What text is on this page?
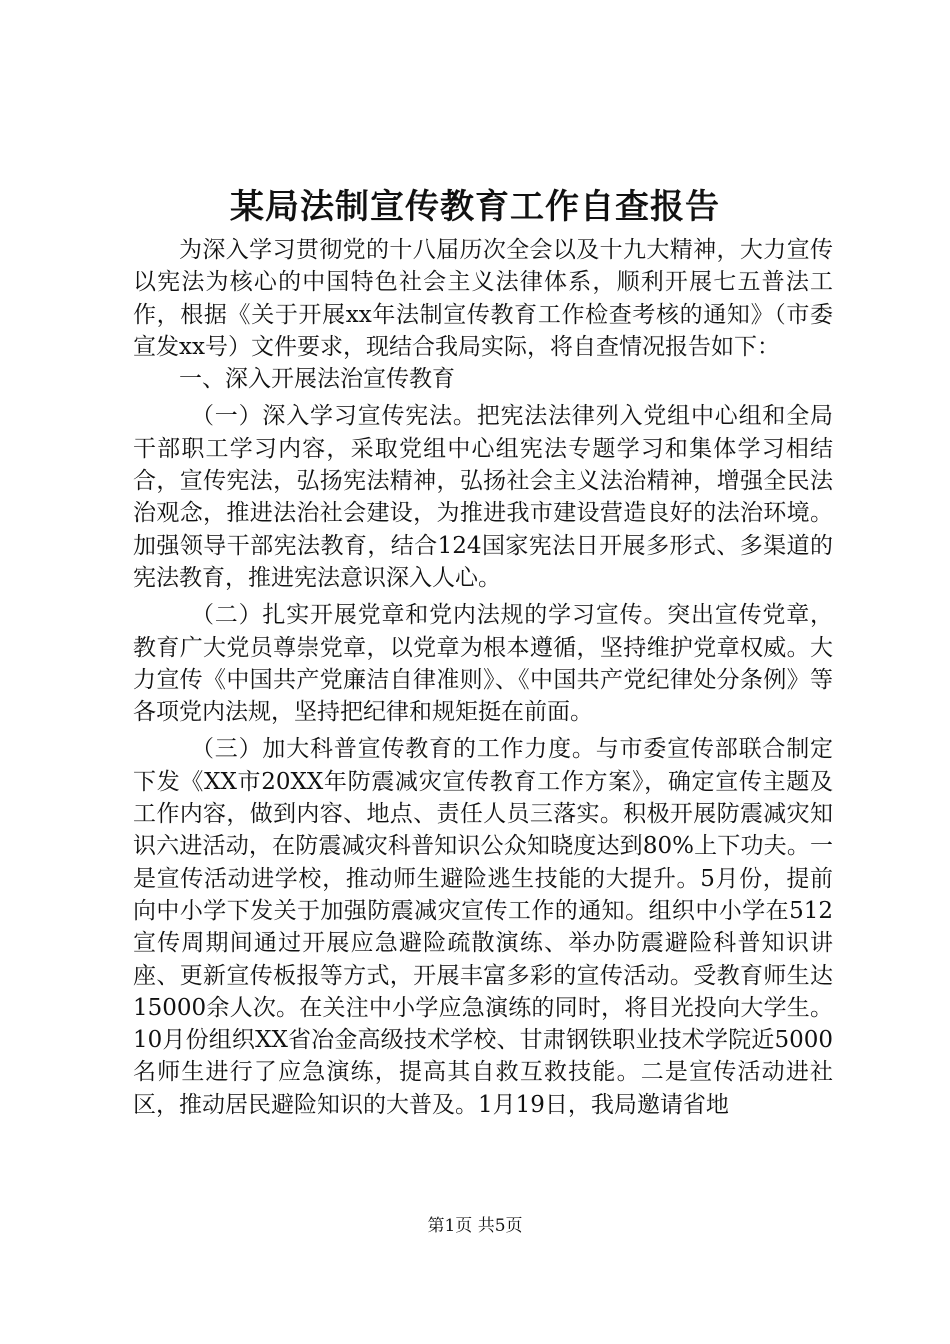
某局法制宣传教育工作自查报告

为深入学习贯彻党的十八届历次全会以及十九大精神，大力宣传以宪法为核心的中国特色社会主义法律体系，顺利开展七五普法工作，根据《关于开展xx年法制宣传教育工作检查考核的通知》（市委宣发xx号）文件要求，现结合我局实际，将自查情况报告如下：

一、深入开展法治宣传教育

（一）深入学习宣传宪法。把宪法法律列入党组中心组和全局干部职工学习内容，采取党组中心组宪法专题学习和集体学习相结合，宣传宪法，弘扬宪法精神，弘扬社会主义法治精神，增强全民法治观念，推进法治社会建设，为推进我市建设营造良好的法治环境。加强领导干部宪法教育，结合124国家宪法日开展多形式、多渠道的宪法教育，推进宪法意识深入人心。

（二）扎实开展党章和党内法规的学习宣传。突出宣传党章，教育广大党员尊崇党章，以党章为根本遵循，坚持维护党章权威。大力宣传《中国共产党廉洁自律准则》、《中国共产党纪律处分条例》等各项党内法规，坚持把纪律和规矩挺在前面。

（三）加大科普宣传教育的工作力度。与市委宣传部联合制定下发《XX市20XX年防震减灾宣传教育工作方案》，确定宣传主题及工作内容，做到内容、地点、责任人员三落实。积极开展防震减灾知识六进活动，在防震减灾科普知识公众知晓度达到80%上下功夫。一是宣传活动进学校，推动师生避险逃生技能的大提升。5月份，提前向中小学下发关于加强防震减灾宣传工作的通知。组织中小学在512宣传周期间通过开展应急避险疏散演练、举办防震避险科普知识讲座、更新宣传板报等方式，开展丰富多彩的宣传活动。受教育师生达15000余人次。在关注中小学应急演练的同时，将目光投向大学生。10月份组织XX省冶金高级技术学校、甘肃钢铁职业技术学院近5000名师生进行了应急演练，提高其自救互救技能。二是宣传活动进社区，推动居民避险知识的大普及。1月19日，我局邀请省地

第1页 共5页
